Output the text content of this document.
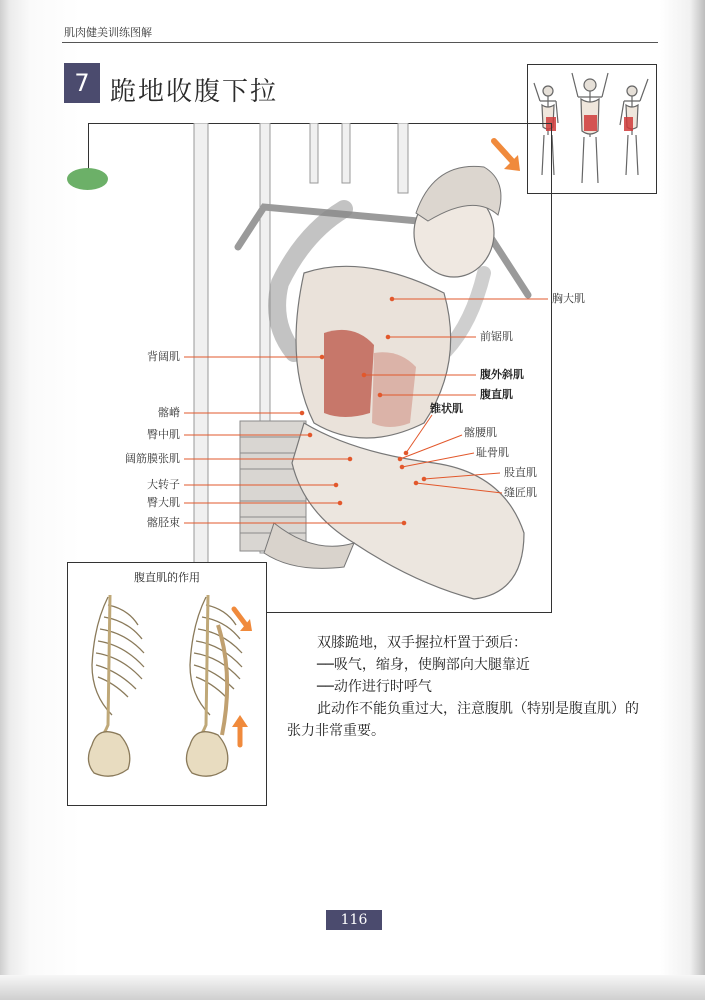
肌肉健美训练图解
7 跪地收腹下拉
背阔肌
髂嵴
臀中肌
阔筋膜张肌
大转子
臀大肌
髂胫束
胸大肌
前锯肌
腹外斜肌
腹直肌
锥状肌
髂腰肌
耻骨肌
股直肌
缝匠肌
腹直肌的作用
双膝跪地，双手握拉杆置于颈后：
──吸气，缩身，使胸部向大腿靠近
──动作进行时呼气
此动作不能负重过大，注意腹肌（特别是腹直肌）的
张力非常重要。
116
